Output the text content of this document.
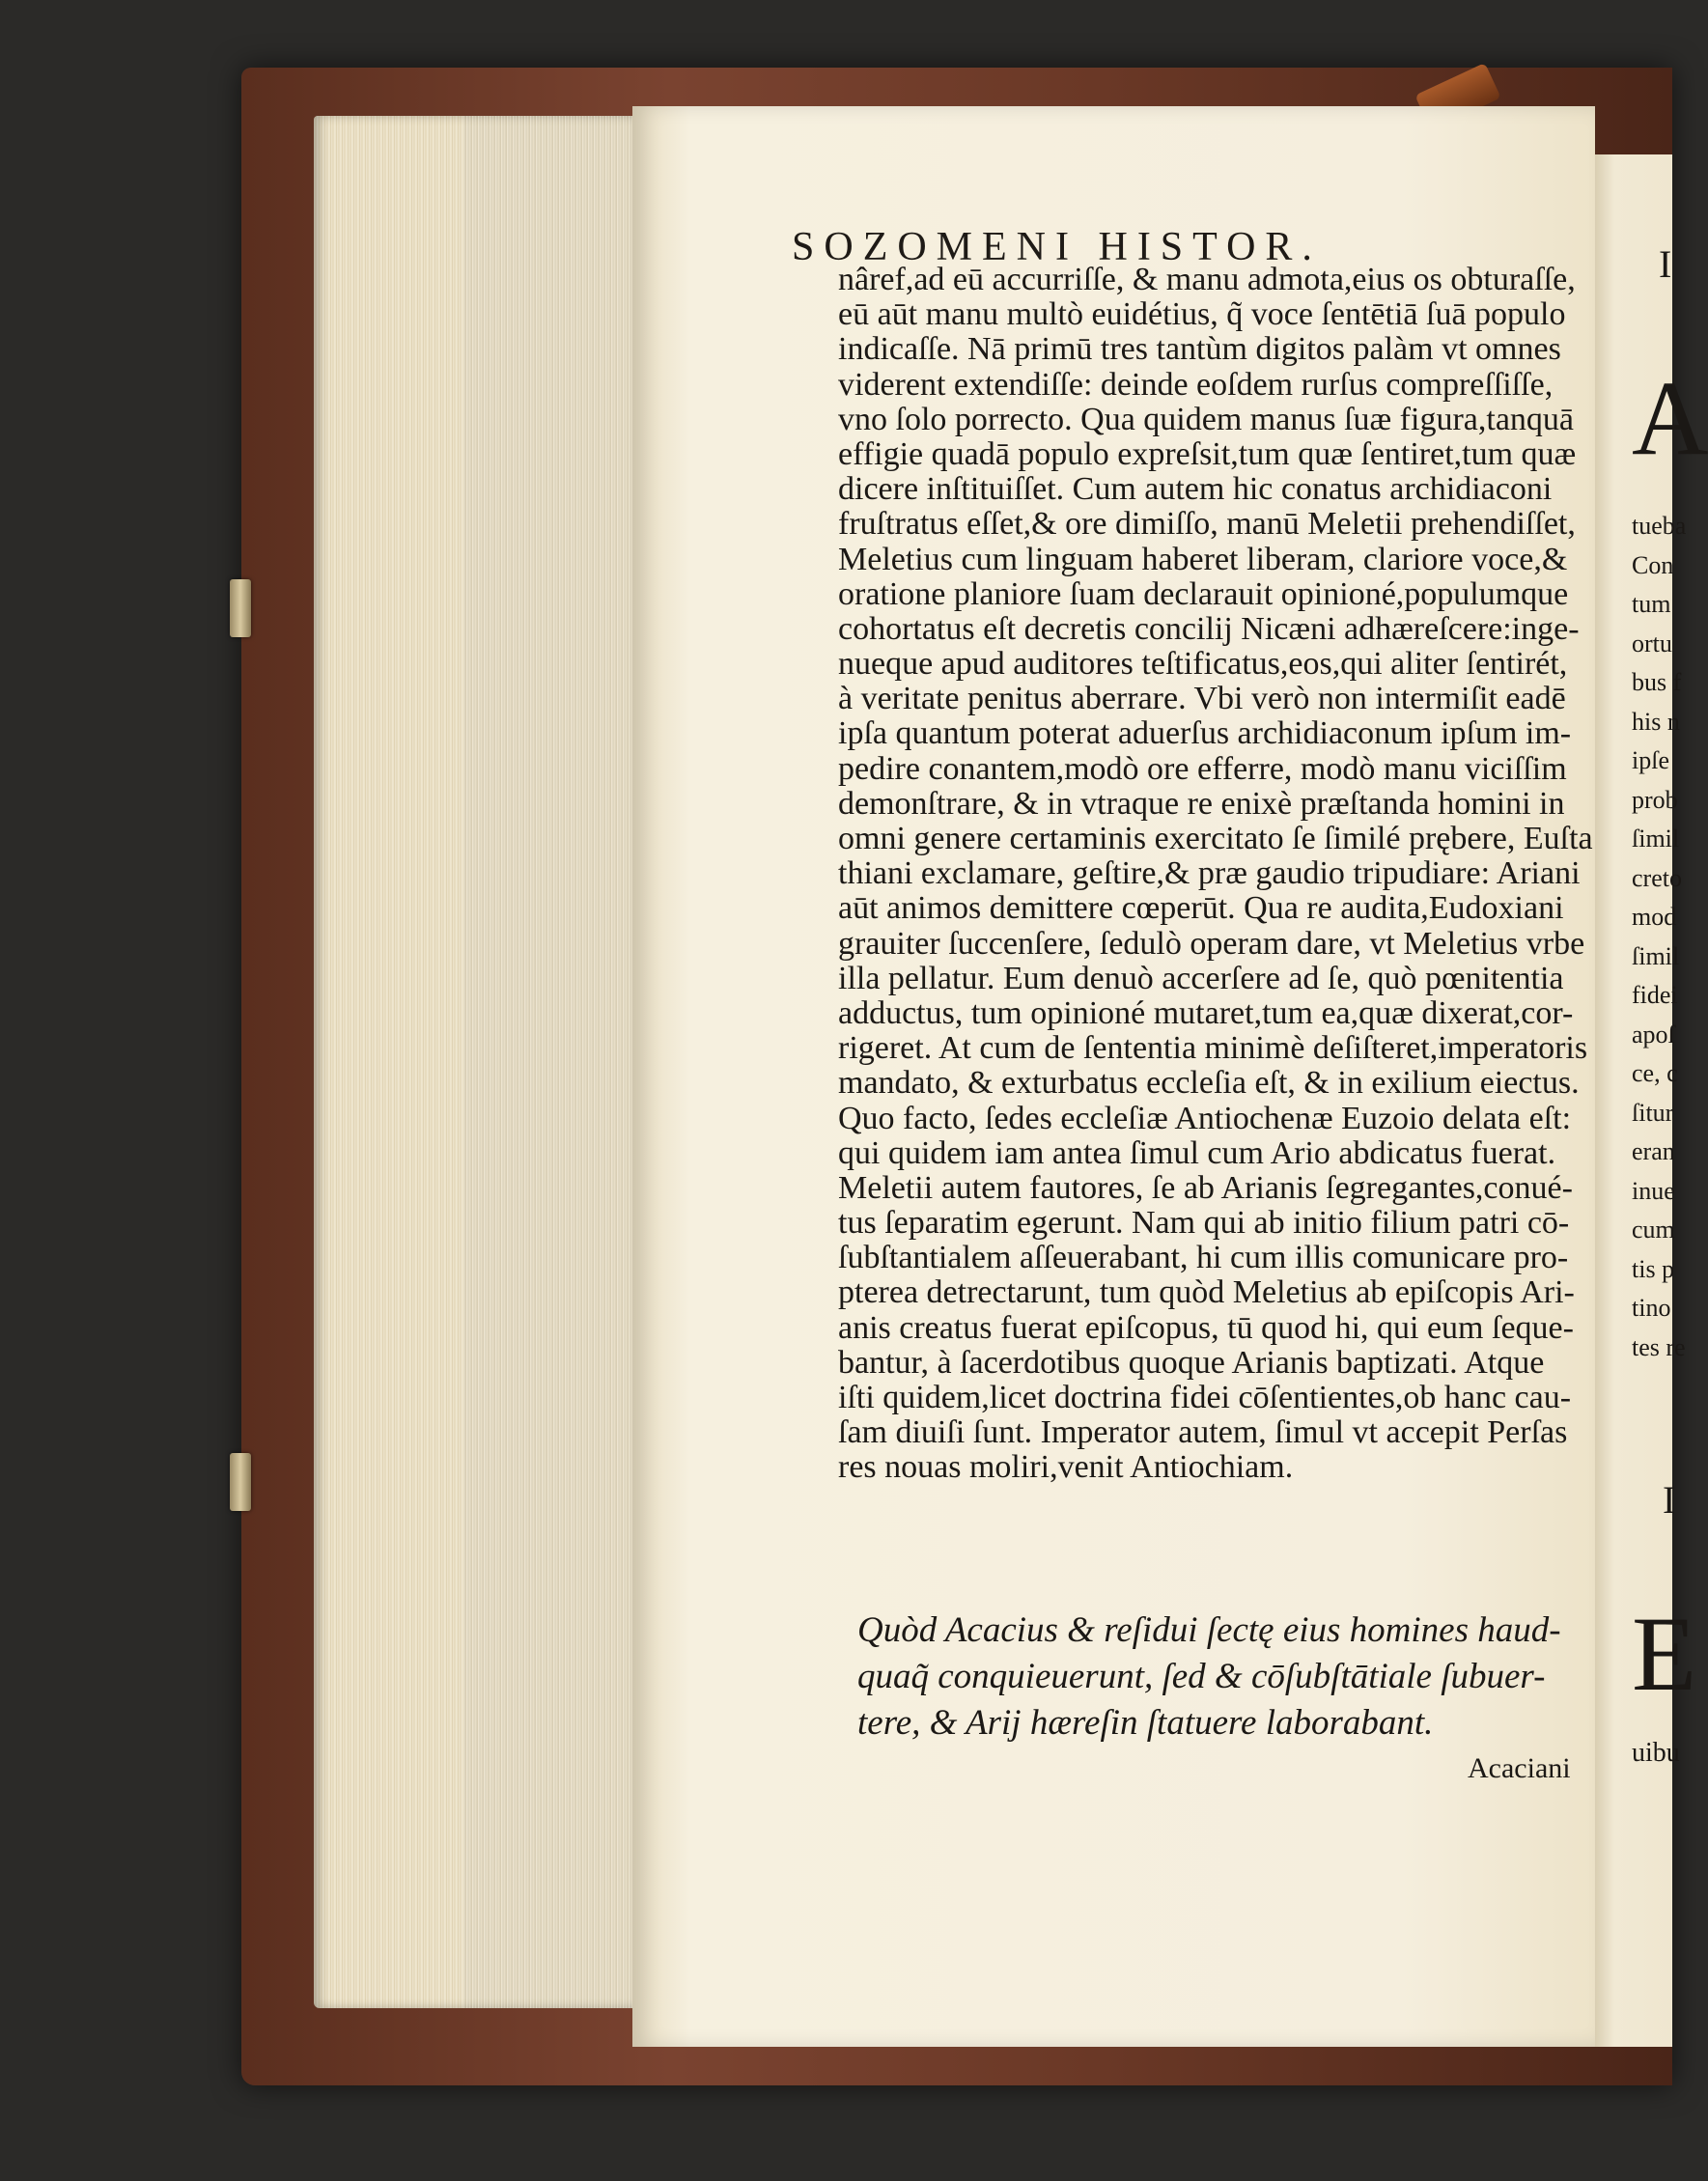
SOZOMENI HISTOR.
nâref,ad eū accurriſſe, & manu admota,eius os obturaſſe,
eū aūt manu multò euidétius, q̃ voce ſentētiā ſuā populo
indicaſſe. Nā primū tres tantùm digitos palàm vt omnes
viderent extendiſſe: deinde eoſdem rurſus compreſſiſſe,
vno ſolo porrecto. Qua quidem manus ſuæ figura,tanquā
effigie quadā populo expreſsit,tum quæ ſentiret,tum quæ
dicere inſtituiſſet. Cum autem hic conatus archidiaconi
fruſtratus eſſet,& ore dimiſſo, manū Meletii prehendiſſet,
Meletius cum linguam haberet liberam, clariore voce,&
oratione planiore ſuam declarauit opinioné,populumque
cohortatus eſt decretis concilij Nicæni adhæreſcere:inge-
nueque apud auditores teſtificatus,eos,qui aliter ſentirét,
à veritate penitus aberrare. Vbi verò non intermiſit eadē
ipſa quantum poterat aduerſus archidiaconum ipſum im-
pedire conantem,modò ore efferre, modò manu viciſſim
demonſtrare, & in vtraque re enixè præſtanda homini in
omni genere certaminis exercitato ſe ſimilé prębere, Euſta
thiani exclamare, geſtire,& præ gaudio tripudiare: Ariani
aūt animos demittere cœperūt. Qua re audita,Eudoxiani
grauiter ſuccenſere, ſedulò operam dare, vt Meletius vrbe
illa pellatur. Eum denuò accerſere ad ſe, quò pœnitentia
adductus, tum opinioné mutaret,tum ea,quæ dixerat,cor-
rigeret. At cum de ſententia minimè deſiſteret,imperatoris
mandato, & exturbatus eccleſia eſt, & in exilium eiectus.
Quo facto, ſedes eccleſiæ Antiochenæ Euzoio delata eſt:
qui quidem iam antea ſimul cum Ario abdicatus fuerat.
Meletii autem fautores, ſe ab Arianis ſegregantes,conué-
tus ſeparatim egerunt. Nam qui ab initio filium patri cō-
ſubſtantialem aſſeuerabant, hi cum illis comunicare pro-
pterea detrectarunt, tum quòd Meletius ab epiſcopis Ari-
anis creatus fuerat epiſcopus, tū quod hi, qui eum ſeque-
bantur, à ſacerdotibus quoque Arianis baptizati. Atque
iſti quidem,licet doctrina fidei cōſentientes,ob hanc cau-
ſam diuiſi ſunt. Imperator autem, ſimul vt accepit Perſas
res nouas moliri,venit Antiochiam.
Quòd Acacius & reſidui ſectę eius homines haud-
quaq̃ conquieuerunt, ſed & cōſubſtātiale ſubuer-
tere, & Arij hæreſin ſtatuere laborabant.
Acaciani
I
A
tueba
Con
tum
ortu
bus f
his n
ipſe
prob
ſimil
creto
mod
ſimil
fidei
apoſ
ce, c
ſitur
eran
inue
cum
tis p
tino
tes re
I
E
uibu
